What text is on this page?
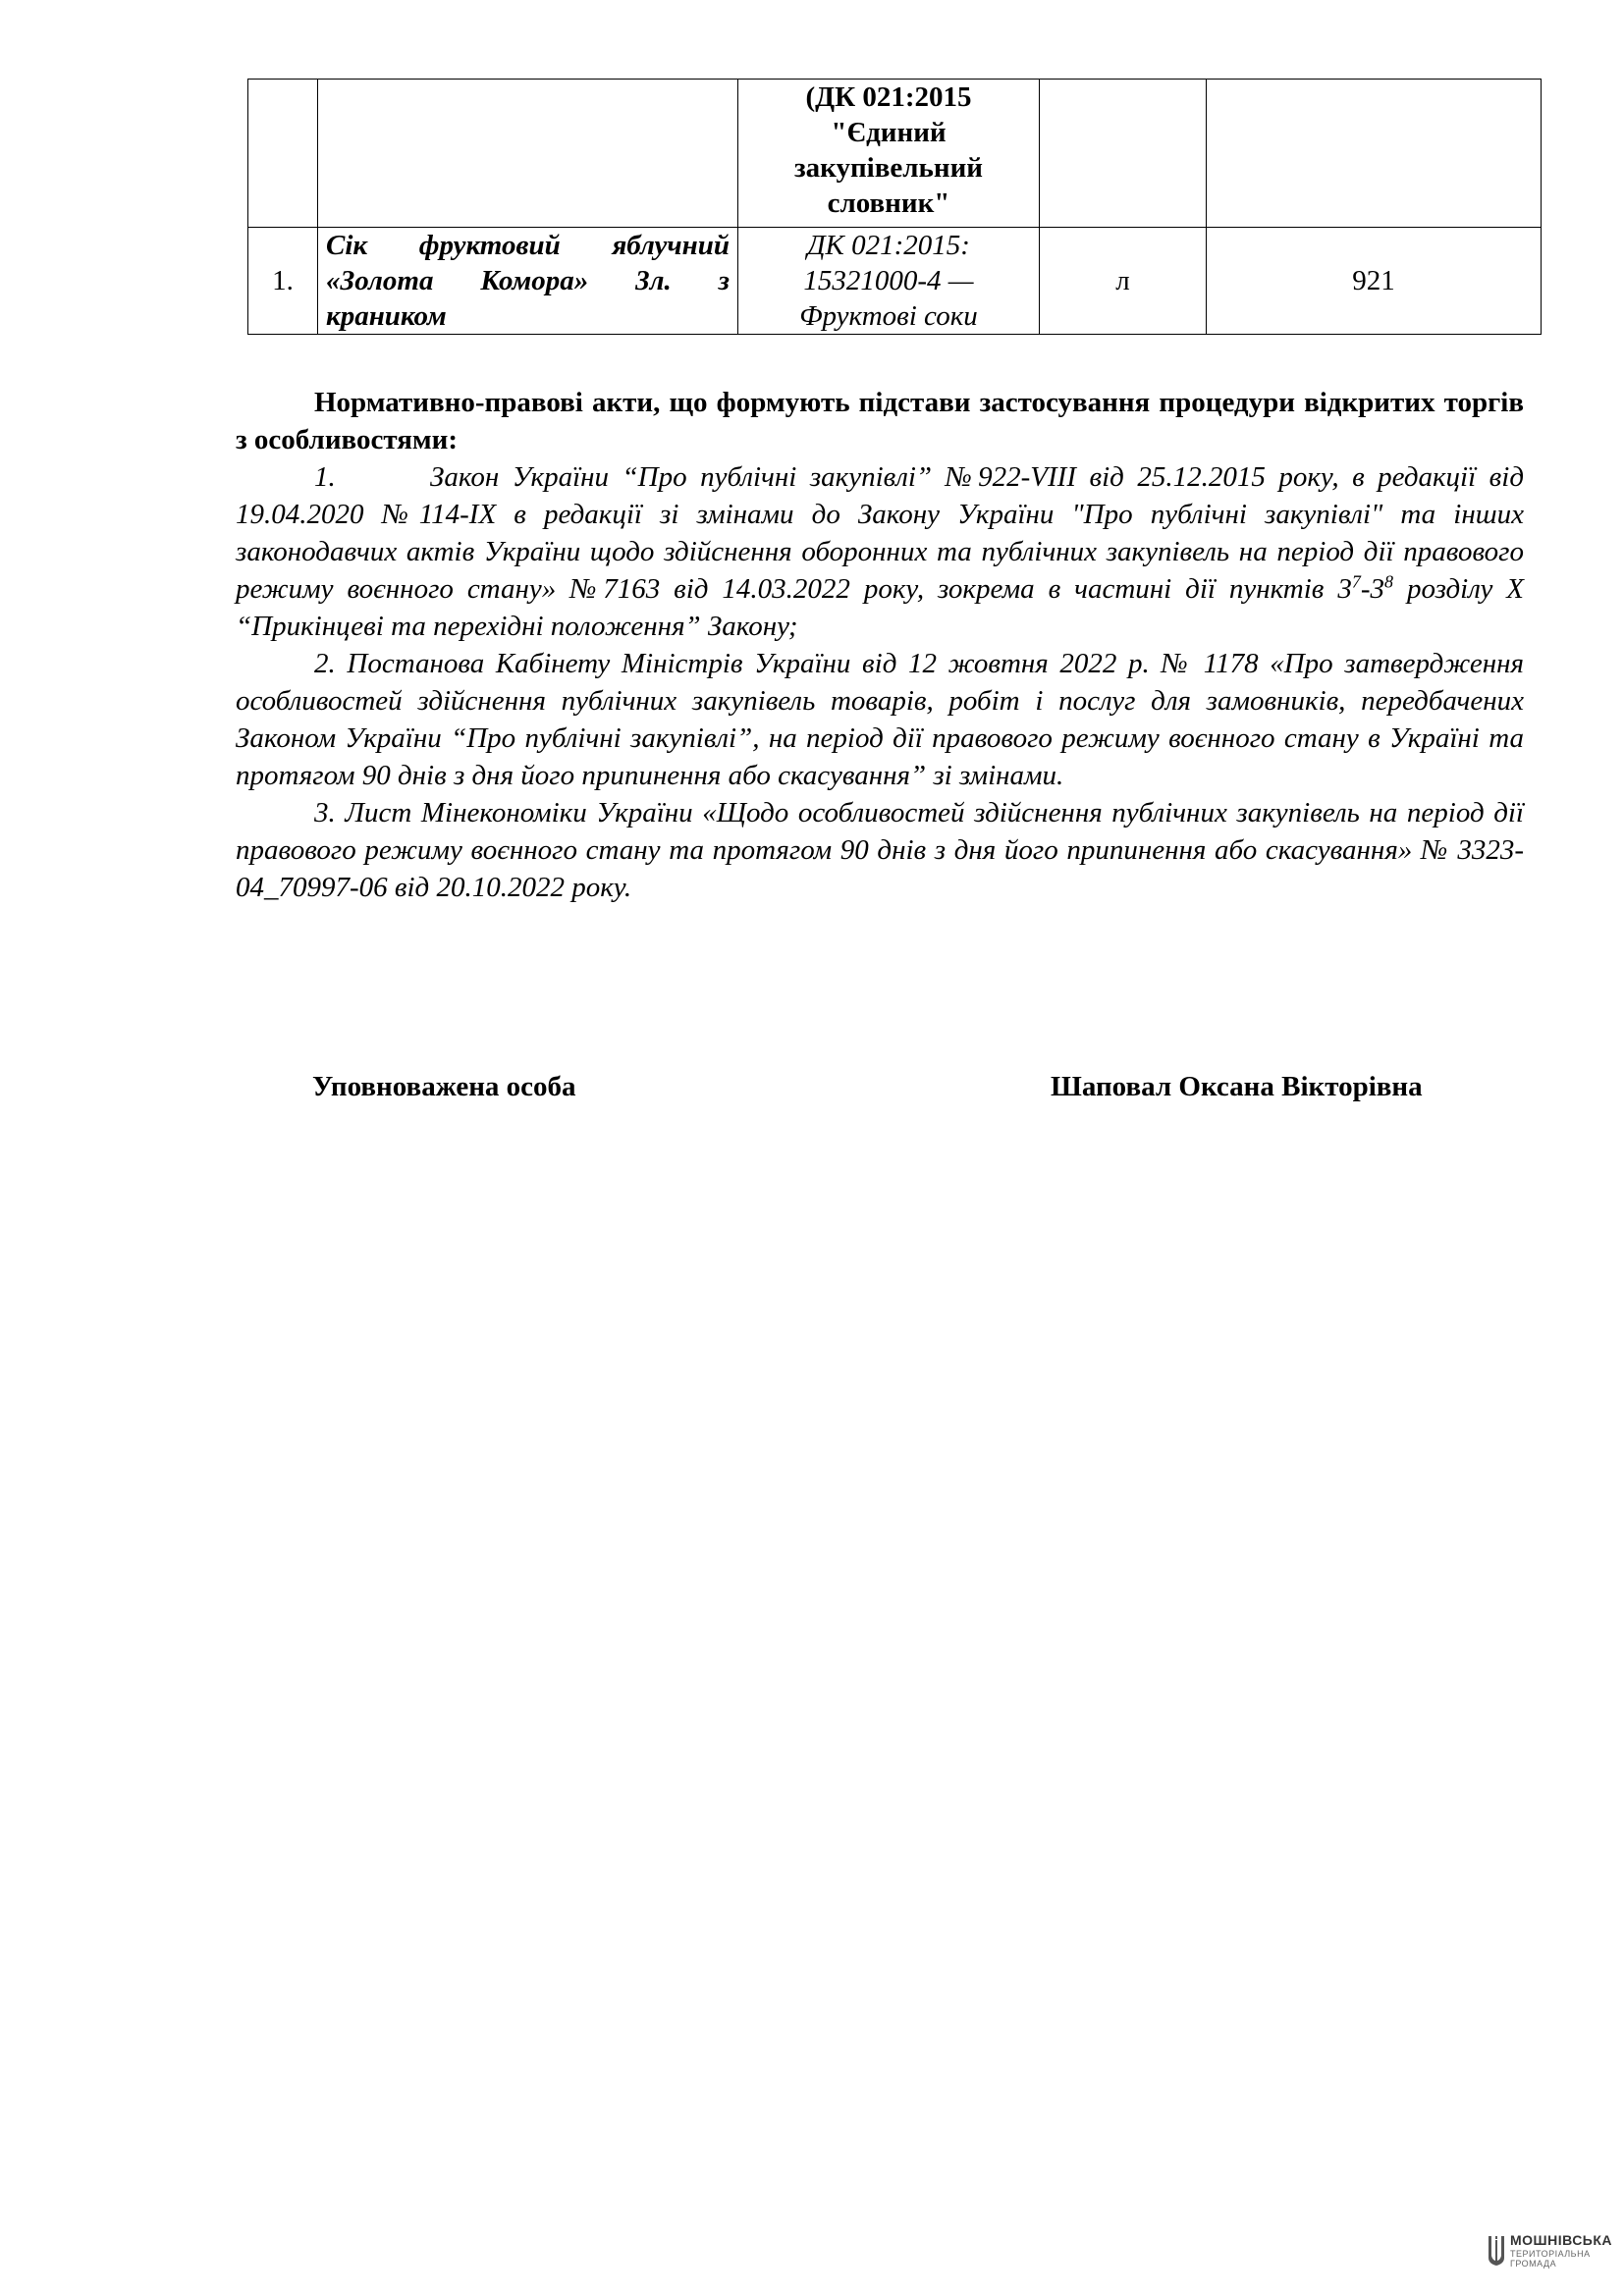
		(ДК 021:2015
"Єдиний
закупівельний
словник"		

1.	Сік фруктовий яблучний «Золота Комора» 3л. з краником	ДК 021:2015:
15321000-4 —
Фруктові соки	л	921
Нормативно-правові акти, що формують підстави застосування процедури відкритих торгів з особливостями:

1.	Закон України “Про публічні закупівлі” №922-VIII від 25.12.2015 року, в редакції від 19.04.2020 №114-IX в редакції зі змінами до Закону України "Про публічні закупівлі" та інших законодавчих актів України щодо здійснення оборонних та публічних закупівель на період дії правового режиму воєнного стану» №7163 від 14.03.2022 року, зокрема в частині дії пунктів $3^7-3^8$ розділу X “Прикінцеві та перехідні положення” Закону;

2. Постанова Кабінету Міністрів України від 12 жовтня 2022 р. № 1178 «Про затвердження особливостей здійснення публічних закупівель товарів, робіт і послуг для замовників, передбачених Законом України “Про публічні закупівлі”, на період дії правового режиму воєнного стану в Україні та протягом 90 днів з дня його припинення або скасування” зі змінами.

3. Лист Мінекономіки України «Щодо особливостей здійснення публічних закупівель на період дії правового режиму воєнного стану та протягом 90 днів з дня його припинення або скасування» № 3323-04_70997-06 від 20.10.2022 року.

Уповноважена особа	Шаповал Оксана Вікторівна
МОШНІВСЬКА
ТЕРИТОРІАЛЬНА
ГРОМАДА
